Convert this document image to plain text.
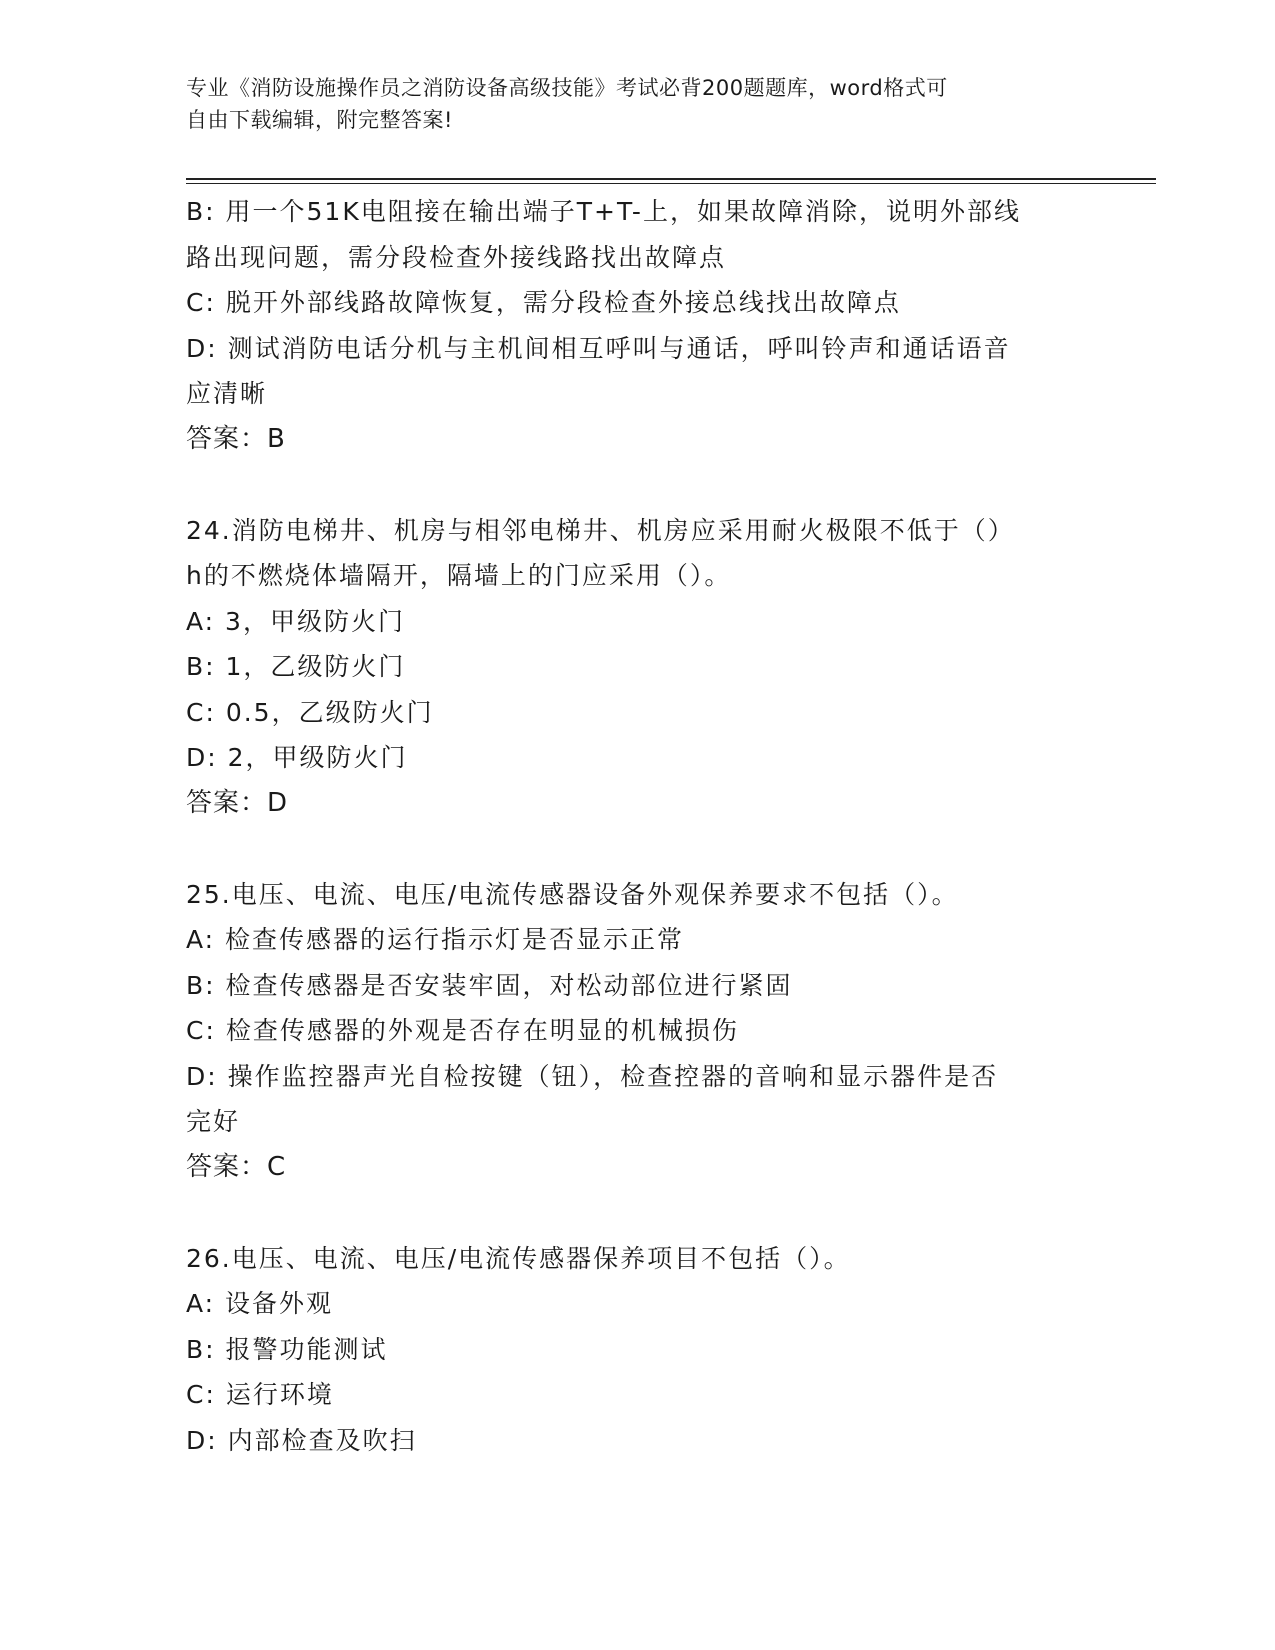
专业《消防设施操作员之消防设备高级技能》考试必背200题题库，word格式可
自由下载编辑，附完整答案!
B: 用一个51K电阻接在输出端子T+T-上，如果故障消除，说明外部线
路出现问题，需分段检查外接线路找出故障点
C: 脱开外部线路故障恢复，需分段检查外接总线找出故障点
D: 测试消防电话分机与主机间相互呼叫与通话，呼叫铃声和通话语音
应清晰
答案：B
24.消防电梯井、机房与相邻电梯井、机房应采用耐火极限不低于（）
h的不燃烧体墙隔开，隔墙上的门应采用（）。
A: 3，甲级防火门
B: 1，乙级防火门
C: 0.5，乙级防火门
D: 2，甲级防火门
答案：D
25.电压、电流、电压/电流传感器设备外观保养要求不包括（）。
A: 检查传感器的运行指示灯是否显示正常
B: 检查传感器是否安装牢固，对松动部位进行紧固
C: 检查传感器的外观是否存在明显的机械损伤
D: 操作监控器声光自检按键（钮），检查控器的音响和显示器件是否
完好
答案：C
26.电压、电流、电压/电流传感器保养项目不包括（）。
A: 设备外观
B: 报警功能测试
C: 运行环境
D: 内部检查及吹扫
